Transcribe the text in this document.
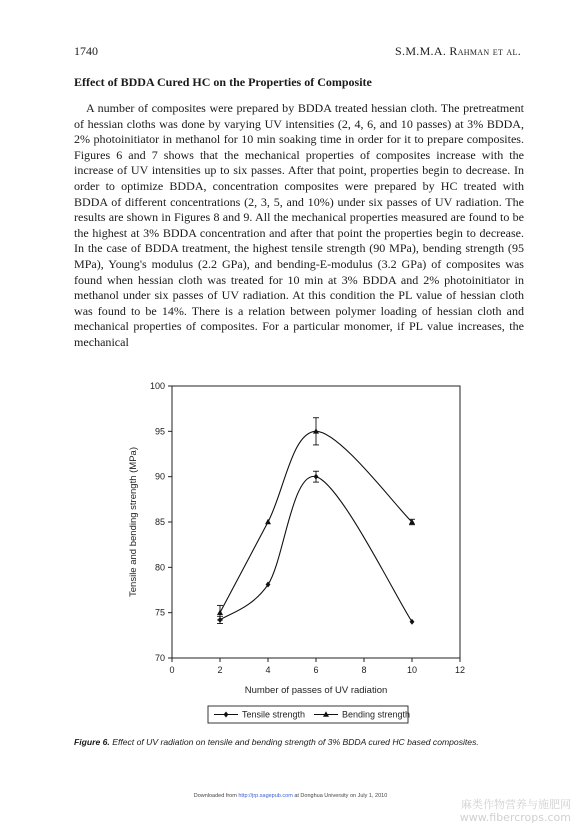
1740	S.M.M.A. Rahman et al.
Effect of BDDA Cured HC on the Properties of Composite

A number of composites were prepared by BDDA treated hessian cloth. The pretreatment of hessian cloths was done by varying UV intensities (2, 4, 6, and 10 passes) at 3% BDDA, 2% photoinitiator in methanol for 10 min soaking time in order for it to prepare composites. Figures 6 and 7 shows that the mechanical properties of composites increase with the increase of UV intensities up to six passes. After that point, properties begin to decrease. In order to optimize BDDA, concentration composites were prepared by HC treated with BDDA of different concentrations (2, 3, 5, and 10%) under six passes of UV radiation. The results are shown in Figures 8 and 9. All the mechanical properties measured are found to be the highest at 3% BDDA concentration and after that point the properties begin to decrease. In the case of BDDA treatment, the highest tensile strength (90 MPa), bending strength (95 MPa), Young's modulus (2.2 GPa), and bending-E-modulus (3.2 GPa) of composites was found when hessian cloth was treated for 10 min at 3% BDDA and 2% photoinitiator in methanol under six passes of UV radiation. At this condition the PL value of hessian cloth was found to be 14%. There is a relation between polymer loading of hessian cloth and mechanical properties of composites. For a particular monomer, if PL value increases, the mechanical

0	2	4	6	8	10	12
70
75
80
85
90
95
100
Number of passes of UV radiation
Tensile and bending strength (MPa)
Tensile strength	Bending strength
Figure 6. Effect of UV radiation on tensile and bending strength of 3% BDDA cured HC based composites.
Downloaded from http://jrp.sagepub.com at Donghua University on July 1, 2010
麻类作物营养与施肥网
www.fibercrops.com
